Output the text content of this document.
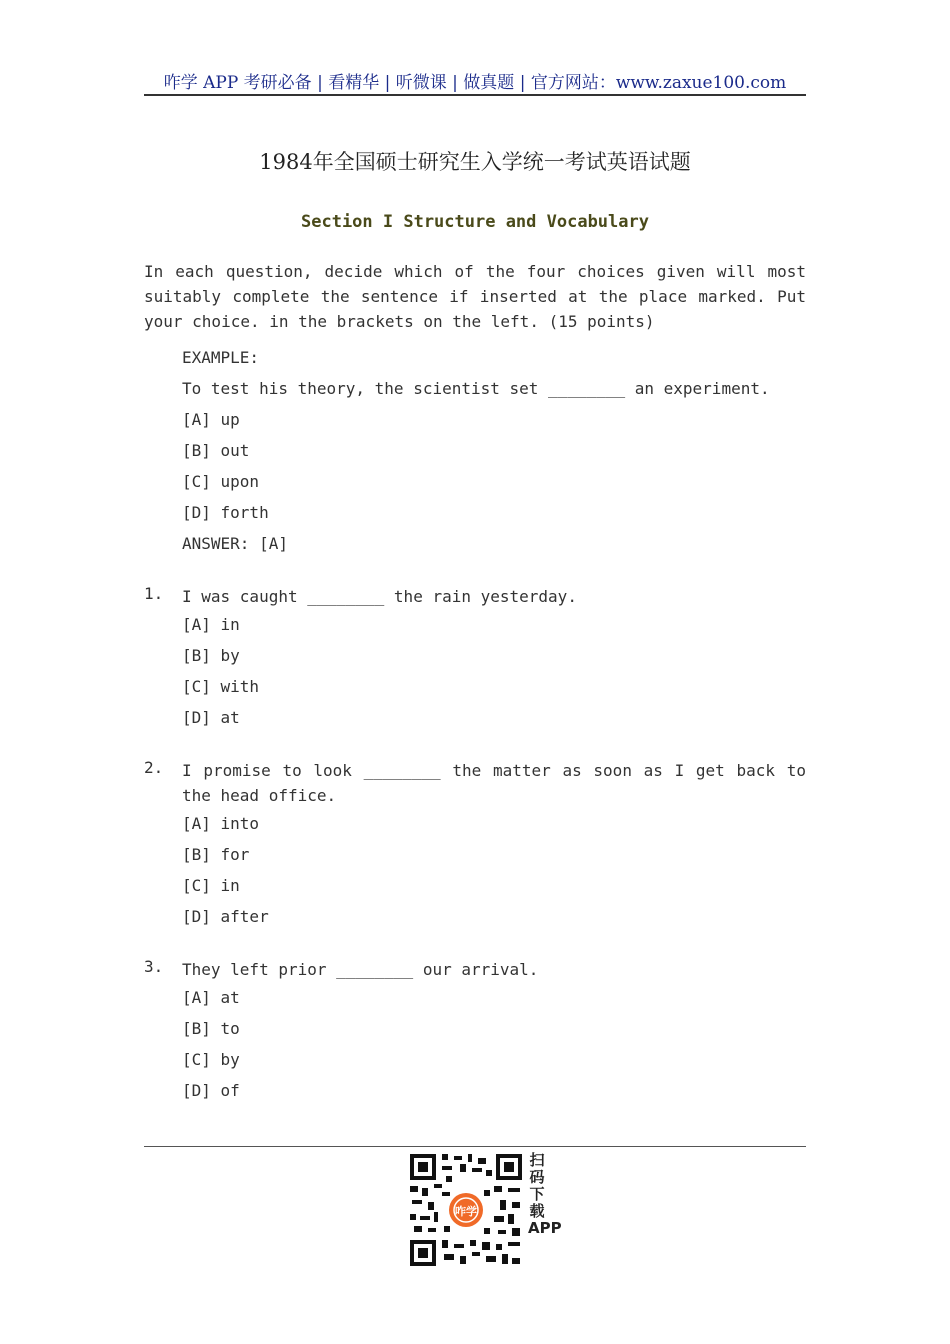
咋学 APP 考研必备 | 看精华 | 听微课 | 做真题 | 官方网站：www.zaxue100.com
1984年全国硕士研究生入学统一考试英语试题
Section I Structure and Vocabulary
In each question, decide which of the four choices given will most suitably complete the sentence if inserted at the place marked. Put your choice. in the brackets on the left. (15 points)
EXAMPLE:
To test his theory, the scientist set ________ an experiment.
[A] up
[B] out
[C] upon
[D] forth
ANSWER: [A]
1. I was caught ________ the rain yesterday.
[A] in
[B] by
[C] with
[D] at
2. I promise to look ________ the matter as soon as I get back to the head office.
[A] into
[B] for
[C] in
[D] after
3. They left prior ________ our arrival.
[A] at
[B] to
[C] by
[D] of
咋学
扫码下载APP
